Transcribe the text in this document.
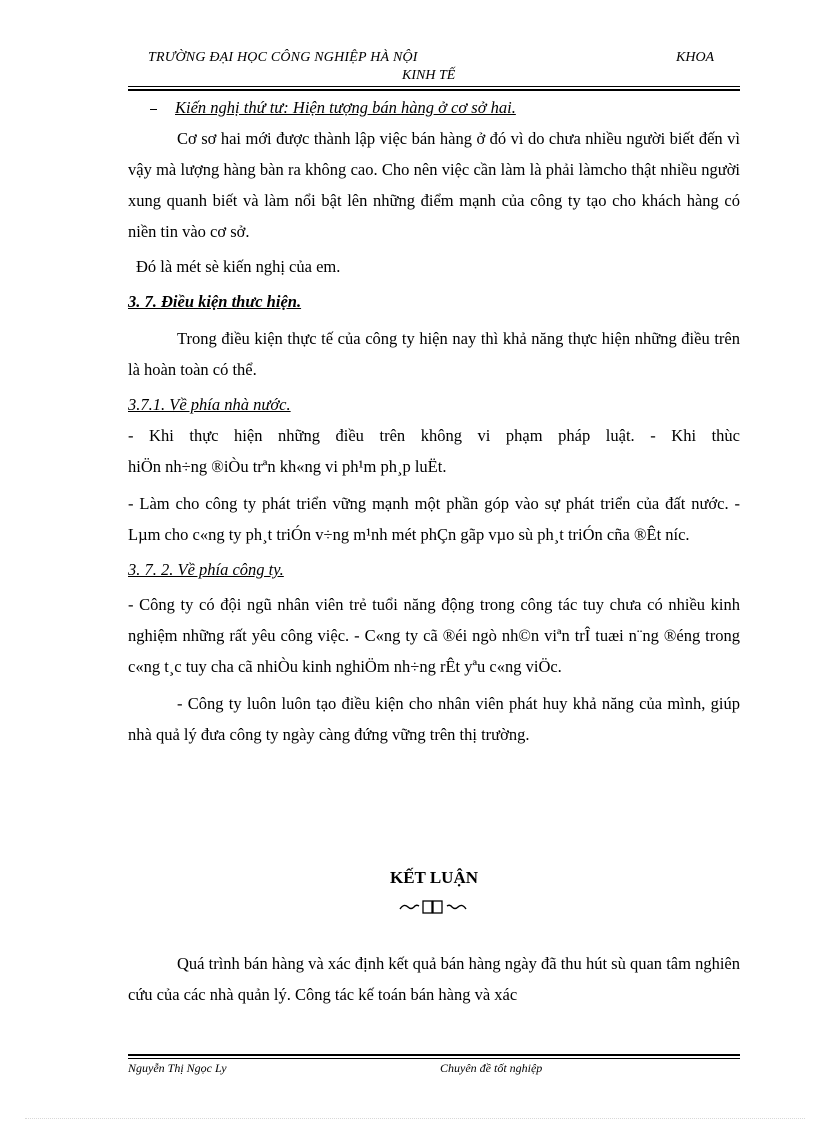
TRƯỜNG ĐẠI HỌC CÔNG NGHIỆP HÀ NỘI	KHOA
KINH TẾ

Kiến nghị thứ tư: Hiện tượng bán hàng ở cơ sở hai.

Cơ sơ hai mới được thành lập việc bán hàng ở đó vì do chưa nhiều người biết đến vì vậy mà lượng hàng bàn ra không cao. Cho nên việc cần làm là phải làmcho thật nhiều người xung quanh biết và làm nổi bật lên những điểm mạnh của công ty tạo cho khách hàng có niền tin vào cơ sở.

Đó là mét sè kiến nghị của em.

3. 7. Điều kiện thưc hiện.

Trong điều kiện thực tế của công ty hiện nay thì khả năng thực hiện những điều trên là hoàn toàn có thể.

3.7.1. Về phía nhà nước.

- Khi thực hiện những điều trên không vi phạm pháp luật. - Khi thùc

hiÖn nh÷ng ®iÒu trªn kh«ng vi ph¹m ph¸p luËt.

- Làm cho công ty phát triển vững mạnh một phần góp vào sự phát triển của đất nước. - Lµm cho c«ng ty ph¸t triÓn v÷ng m¹nh mét phÇn gãp vµo sù ph¸t triÓn cña ®Êt níc.

3. 7. 2. Về phía công ty.

- Công ty có đội ngũ nhân viên trẻ tuổi năng động trong công tác tuy chưa có nhiều kinh nghiệm những rất yêu công việc. - C«ng ty cã ®éi ngò nh©n viªn trÎ tuæi n¨ng ®éng trong c«ng t¸c tuy cha cã nhiÒu kinh nghiÖm nh÷ng rÊt yªu c«ng viÖc.

- Công ty luôn luôn tạo điều kiện cho nhân viên phát huy khả năng của mình, giúp nhà quả lý đưa công ty ngày càng đứng vững trên thị trường.

KẾT LUẬN

Quá trình bán hàng và xác định kết quả bán hàng ngày đã thu hút sù quan tâm nghiên cứu của các nhà quản lý. Công tác kế toán bán hàng và xác

Nguyễn Thị Ngọc Ly	Chuyên đề tốt nghiệp
